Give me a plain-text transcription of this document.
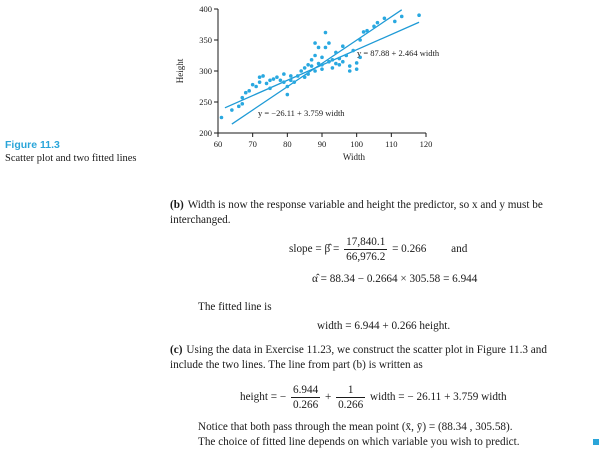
200
250
300
350
400
60	70	80	90	100	110	120
Width
Height
y = 87.88 + 2.464 width
y = −26.11 + 3.759 width
Figure 11.3
Scatter plot and two fitted lines
(b) Width is now the response variable and height the predictor, so x and y must be interchanged.
slope = β̂ = $\frac{17,840.1}{66,976.2} = 0.266$ and
α̂ = 88.34 − 0.2664 × 305.58 = 6.944
The fitted line is
width = 6.944 + 0.266 height.
(c) Using the data in Exercise 11.23, we construct the scatter plot in Figure 11.3 and include the two lines. The line from part (b) is written as
height = − $\frac{6.944}{0.266} + \frac{1}{0.266}$ width = − 26.11 + 3.759 width
Notice that both pass through the mean point (x̄, ȳ) = (88.34 , 305.58).
The choice of fitted line depends on which variable you wish to predict.
